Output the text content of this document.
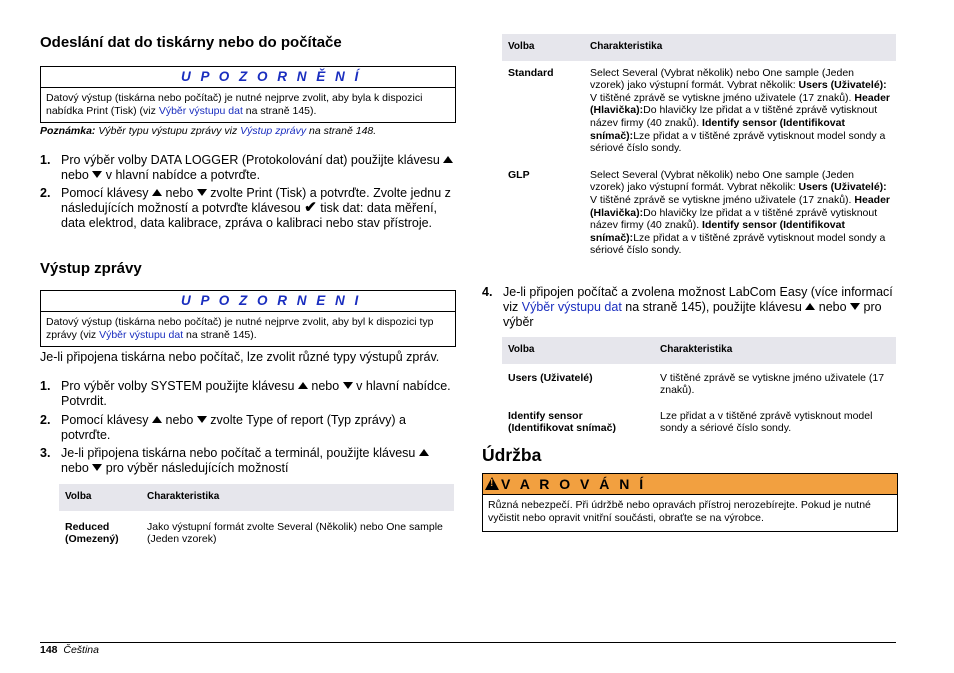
Odeslání dat do tiskárny nebo do počítače
U P O Z O R N Ě N Í
Datový výstup (tiskárna nebo počítač) je nutné nejprve zvolit, aby byla k dispozici nabídka Print (Tisk) (viz Výběr výstupu dat na straně 145).
Poznámka: Výběr typu výstupu zprávy viz Výstup zprávy na straně 148.
1. Pro výběr volby DATA LOGGER (Protokolování dat) použijte klávesu  nebo  v hlavní nabídce a potvrďte.
2. Pomocí klávesy  nebo  zvolte Print (Tisk) a potvrďte. Zvolte jednu z následujících možností a potvrďte klávesou ✔ tisk dat: data měření, data elektrod, data kalibrace, zpráva o kalibraci nebo stav přístroje.
Výstup zprávy
U P O Z O R N E N I
Datový výstup (tiskárna nebo počítač) je nutné nejprve zvolit, aby byl k dispozici typ zprávy (viz Výběr výstupu dat na straně 145).
Je-li připojena tiskárna nebo počítač, lze zvolit různé typy výstupů zpráv.
1. Pro výběr volby SYSTEM použijte klávesu  nebo  v hlavní nabídce. Potvrdit.
2. Pomocí klávesy  nebo  zvolte Type of report (Typ zprávy) a potvrďte.
3. Je-li připojena tiskárna nebo počítač a terminál, použijte klávesu  nebo  pro výběr následujících možností
Volba	Charakteristika
Reduced (Omezený)	Jako výstupní formát zvolte Several (Několik) nebo One sample (Jeden vzorek)
Volba	Charakteristika
Standard	Select Several (Vybrat několik) nebo One sample (Jeden vzorek) jako výstupní formát. Vybrat několik: Users (Uživatelé): V tištěné zprávě se vytiskne jméno uživatele (17 znaků). Header (Hlavička):Do hlavičky lze přidat a v tištěné zprávě vytisknout název firmy (40 znaků). Identify sensor (Identifikovat snímač):Lze přidat a v tištěné zprávě vytisknout model sondy a sériové číslo sondy.
GLP	Select Several (Vybrat několik) nebo One sample (Jeden vzorek) jako výstupní formát. Vybrat několik: Users (Uživatelé): V tištěné zprávě se vytiskne jméno uživatele (17 znaků). Header (Hlavička):Do hlavičky lze přidat a v tištěné zprávě vytisknout název firmy (40 znaků). Identify sensor (Identifikovat snímač):Lze přidat a v tištěné zprávě vytisknout model sondy a sériové číslo sondy.
4. Je-li připojen počítač a zvolena možnost LabCom Easy (více informací viz Výběr výstupu dat na straně 145), použijte klávesu  nebo  pro výběr
Volba	Charakteristika
Users (Uživatelé)	V tištěné zprávě se vytiskne jméno uživatele (17 znaků).
Identify sensor (Identifikovat snímač)	Lze přidat a v tištěné zprávě vytisknout model sondy a sériové číslo sondy.
Údržba
!V A R O V Á N Í
Různá nebezpečí. Při údržbě nebo opravách přístroj nerozebírejte. Pokud je nutné vyčistit nebo opravit vnitřní součásti, obraťte se na výrobce.
148 Čeština
